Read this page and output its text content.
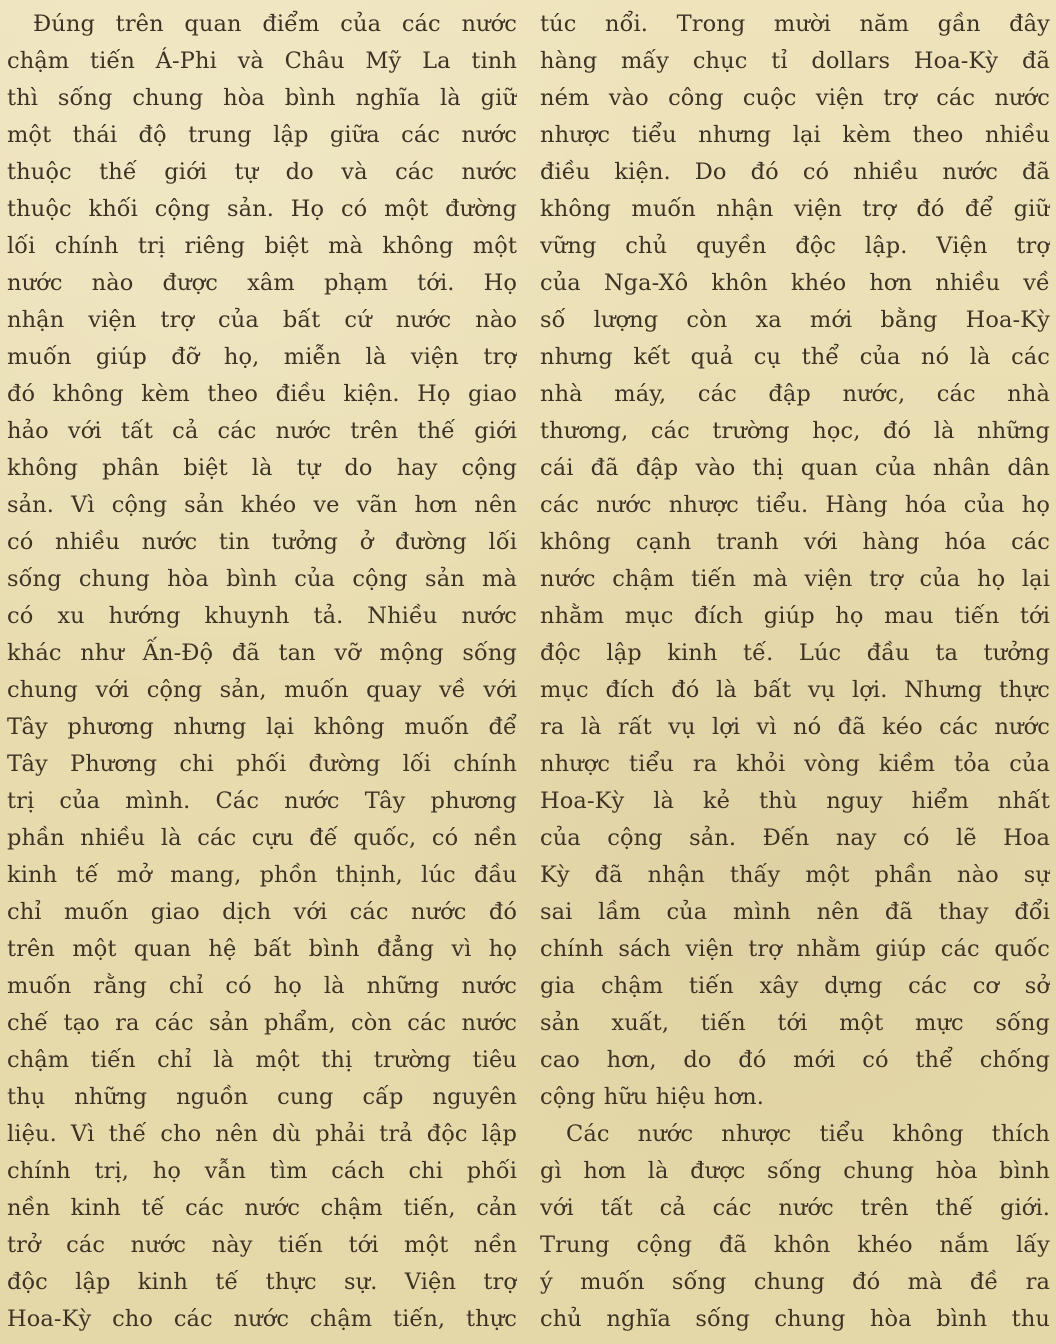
Đúng trên quan điểm của các nước
chậm tiến Á-Phi và Châu Mỹ La tinh
thì sống chung hòa bình nghĩa là giữ
một thái độ trung lập giữa các nước
thuộc thế giới tự do và các nước
thuộc khối cộng sản. Họ có một đường
lối chính trị riêng biệt mà không một
nước nào được xâm phạm tới. Họ
nhận viện trợ của bất cứ nước nào
muốn giúp đỡ họ, miễn là viện trợ
đó không kèm theo điều kiện. Họ giao
hảo với tất cả các nước trên thế giới
không phân biệt là tự do hay cộng
sản. Vì cộng sản khéo ve vãn hơn nên
có nhiều nước tin tưởng ở đường lối
sống chung hòa bình của cộng sản mà
có xu hướng khuynh tả. Nhiều nước
khác như Ấn-Độ đã tan vỡ mộng sống
chung với cộng sản, muốn quay về với
Tây phương nhưng lại không muốn để
Tây Phương chi phối đường lối chính
trị của mình. Các nước Tây phương
phần nhiều là các cựu đế quốc, có nền
kinh tế mở mang, phồn thịnh, lúc đầu
chỉ muốn giao dịch với các nước đó
trên một quan hệ bất bình đẳng vì họ
muốn rằng chỉ có họ là những nước
chế tạo ra các sản phẩm, còn các nước
chậm tiến chỉ là một thị trường tiêu
thụ những nguồn cung cấp nguyên
liệu. Vì thế cho nên dù phải trả độc lập
chính trị, họ vẫn tìm cách chi phối
nền kinh tế các nước chậm tiến, cản
trở các nước này tiến tới một nền
độc lập kinh tế thực sự. Viện trợ
Hoa-Kỳ cho các nước chậm tiến, thực
túc nổi. Trong mười năm gần đây
hàng mấy chục tỉ dollars Hoa-Kỳ đã
ném vào công cuộc viện trợ các nước
nhược tiểu nhưng lại kèm theo nhiều
điều kiện. Do đó có nhiều nước đã
không muốn nhận viện trợ đó để giữ
vững chủ quyền độc lập. Viện trợ
của Nga-Xô khôn khéo hơn nhiều về
số lượng còn xa mới bằng Hoa-Kỳ
nhưng kết quả cụ thể của nó là các
nhà máy, các đập nước, các nhà
thương, các trường học, đó là những
cái đã đập vào thị quan của nhân dân
các nước nhược tiểu. Hàng hóa của họ
không cạnh tranh với hàng hóa các
nước chậm tiến mà viện trợ của họ lại
nhằm mục đích giúp họ mau tiến tới
độc lập kinh tế. Lúc đầu ta tưởng
mục đích đó là bất vụ lợi. Nhưng thực
ra là rất vụ lợi vì nó đã kéo các nước
nhược tiểu ra khỏi vòng kiềm tỏa của
Hoa-Kỳ là kẻ thù nguy hiểm nhất
của cộng sản. Đến nay có lẽ Hoa
Kỳ đã nhận thấy một phần nào sự
sai lầm của mình nên đã thay đổi
chính sách viện trợ nhằm giúp các quốc
gia chậm tiến xây dựng các cơ sở
sản xuất, tiến tới một mực sống
cao hơn, do đó mới có thể chống
cộng hữu hiệu hơn.
Các nước nhược tiểu không thích
gì hơn là được sống chung hòa bình
với tất cả các nước trên thế giới.
Trung cộng đã khôn khéo nắm lấy
ý muốn sống chung đó mà đề ra
chủ nghĩa sống chung hòa bình thu
